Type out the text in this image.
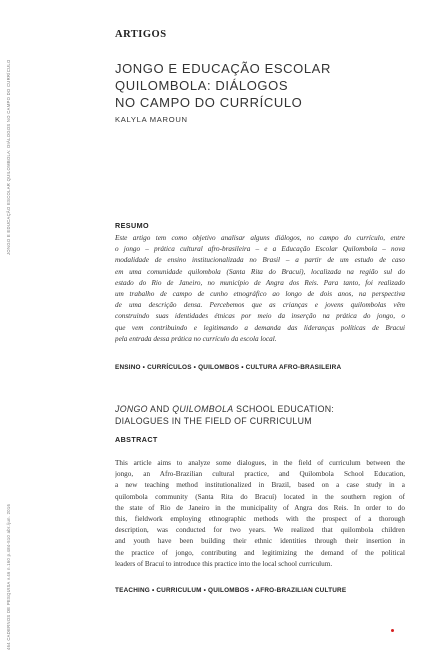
JONGO E EDUCAÇÃO ESCOLAR QUILOMBOLA: DIÁLOGOS NO CAMPO DO CURRÍCULO
464 CADERNOS DE PESQUISA v.46 n.160 p.484-510 abr./jun. 2016
ARTIGOS
JONGO E EDUCAÇÃO ESCOLAR
QUILOMBOLA: DIÁLOGOS
NO CAMPO DO CURRÍCULO
KALYLA MAROUN
RESUMO
Este artigo tem como objetivo analisar alguns diálogos, no campo do currículo, entre
o jongo – prática cultural afro-brasileira – e a Educação Escolar Quilombola – nova
modalidade de ensino institucionalizada no Brasil – a partir de um estudo de caso
em uma comunidade quilombola (Santa Rita do Bracuí), localizada na região sul do
estado do Rio de Janeiro, no município de Angra dos Reis. Para tanto, foi realizado
um trabalho de campo de cunho etnográfico ao longo de dois anos, na perspectiva
de uma descrição densa. Percebemos que as crianças e jovens quilombolas vêm
construindo suas identidades étnicas por meio da inserção na prática do jongo, o
que vem contribuindo e legitimando a demanda das lideranças políticas de Bracuí
pela entrada dessa prática no currículo da escola local.
ENSINO • CURRÍCULOS • QUILOMBOS • CULTURA AFRO-BRASILEIRA
JONGO AND QUILOMBOLA SCHOOL EDUCATION:
DIALOGUES IN THE FIELD OF CURRICULUM
ABSTRACT
This article aims to analyze some dialogues, in the field of curriculum between the
jongo, an Afro-Brazilian cultural practice, and Quilombola School Education,
a new teaching method institutionalized in Brazil, based on a case study in a
quilombola community (Santa Rita do Bracuí) located in the southern region of
the state of Rio de Janeiro in the municipality of Angra dos Reis. In order to do
this, fieldwork employing ethnographic methods with the prospect of a thorough
description, was conducted for two years. We realized that quilombola children
and youth have been building their ethnic identities through their insertion in
the practice of jongo, contributing and legitimizing the demand of the political
leaders of Bracuí to introduce this practice into the local school curriculum.
TEACHING • CURRICULUM • QUILOMBOS • AFRO-BRAZILIAN CULTURE
